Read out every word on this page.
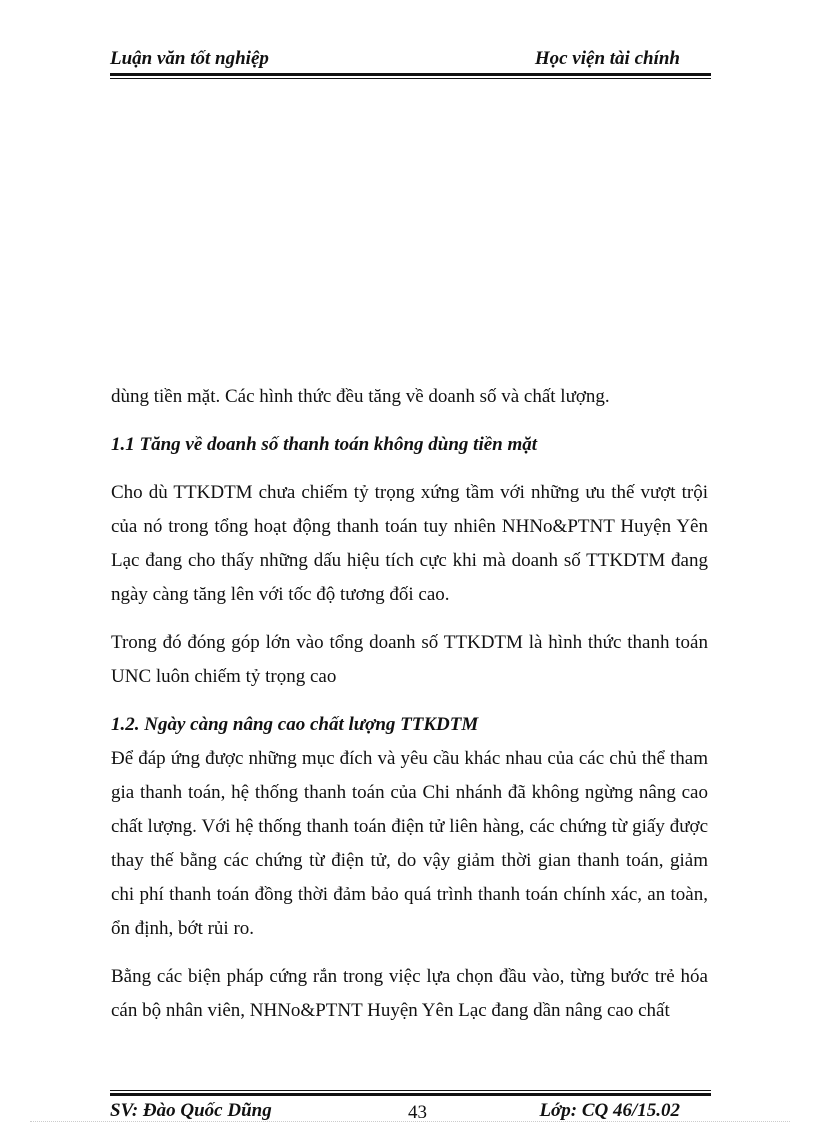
Luận văn tốt nghiệp	Học viện tài chính

dùng tiền mặt. Các hình thức đều tăng về doanh số và chất lượng.

1.1 Tăng về doanh số thanh toán không dùng tiền mặt

Cho dù TTKDTM chưa chiếm tỷ trọng xứng tầm với những ưu thế vượt trội của nó trong tổng hoạt động thanh toán tuy nhiên NHNo&PTNT Huyện Yên Lạc đang cho thấy những dấu hiệu tích cực khi mà doanh số TTKDTM đang ngày càng tăng lên với tốc độ tương đối cao.

Trong đó đóng góp lớn vào tổng doanh số TTKDTM là hình thức thanh toán UNC luôn chiếm tỷ trọng cao

1.2. Ngày càng nâng cao chất lượng TTKDTM

Để đáp ứng được những mục đích và yêu cầu khác nhau của các chủ thể tham gia thanh toán, hệ thống thanh toán của Chi nhánh đã không ngừng nâng cao chất lượng. Với hệ thống thanh toán điện tử liên hàng, các chứng từ giấy được thay thế bằng các chứng từ điện tử, do vậy giảm thời gian thanh toán, giảm chi phí thanh toán đồng thời đảm bảo quá trình thanh toán chính xác, an toàn, ổn định, bớt rủi ro.

Bằng các biện pháp cứng rắn trong việc lựa chọn đầu vào, từng bước trẻ hóa cán bộ nhân viên, NHNo&PTNT Huyện Yên Lạc đang dần nâng cao chất

SV: Đào Quốc Dũng	43	Lớp: CQ 46/15.02
